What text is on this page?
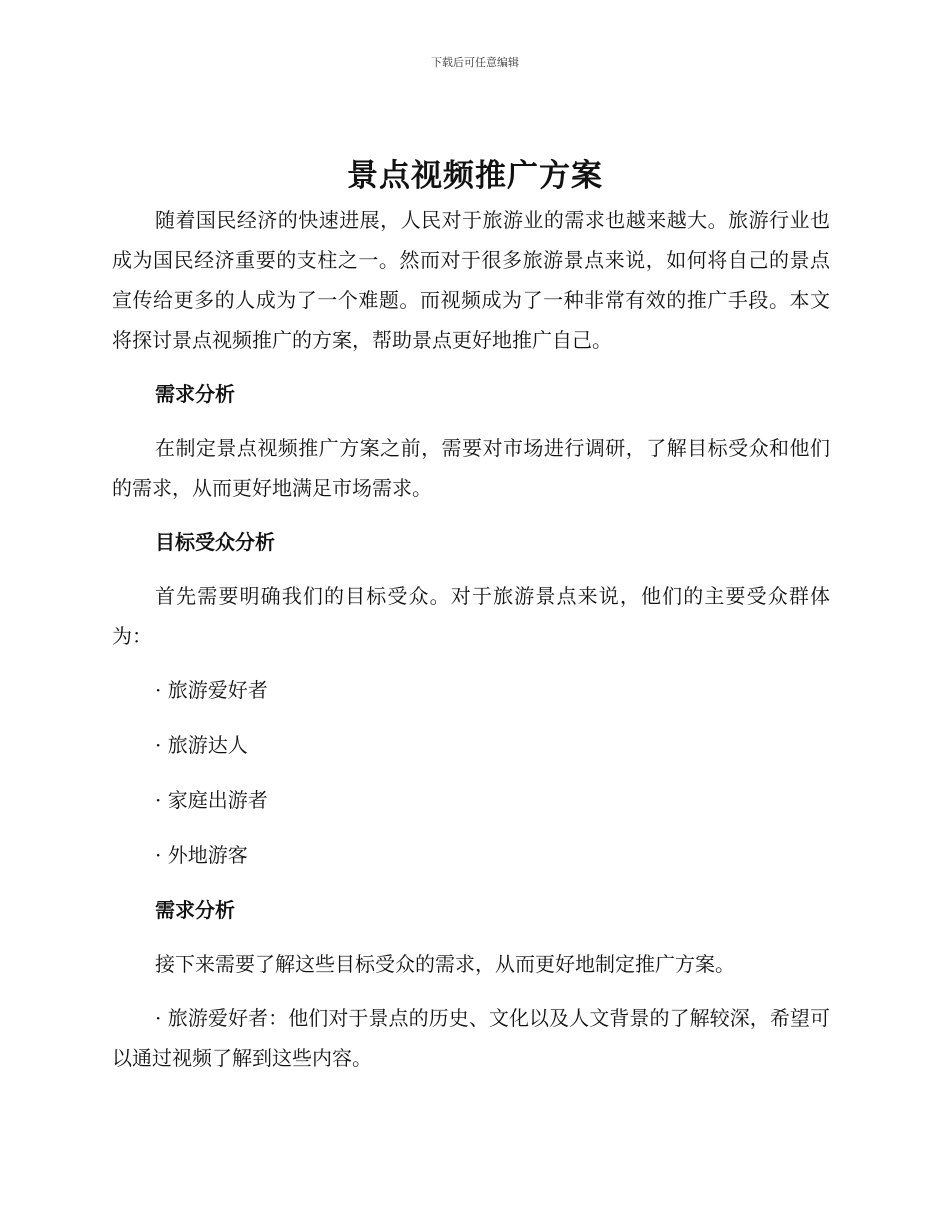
下载后可任意编辑
景点视频推广方案

随着国民经济的快速进展，人民对于旅游业的需求也越来越大。旅游行业也成为国民经济重要的支柱之一。然而对于很多旅游景点来说，如何将自己的景点宣传给更多的人成为了一个难题。而视频成为了一种非常有效的推广手段。本文将探讨景点视频推广的方案，帮助景点更好地推广自己。

需求分析

在制定景点视频推广方案之前，需要对市场进行调研，了解目标受众和他们的需求，从而更好地满足市场需求。

目标受众分析

首先需要明确我们的目标受众。对于旅游景点来说，他们的主要受众群体为：

· 旅游爱好者
· 旅游达人
· 家庭出游者
· 外地游客
需求分析

接下来需要了解这些目标受众的需求，从而更好地制定推广方案。

· 旅游爱好者：他们对于景点的历史、文化以及人文背景的了解较深，希望可以通过视频了解到这些内容。
